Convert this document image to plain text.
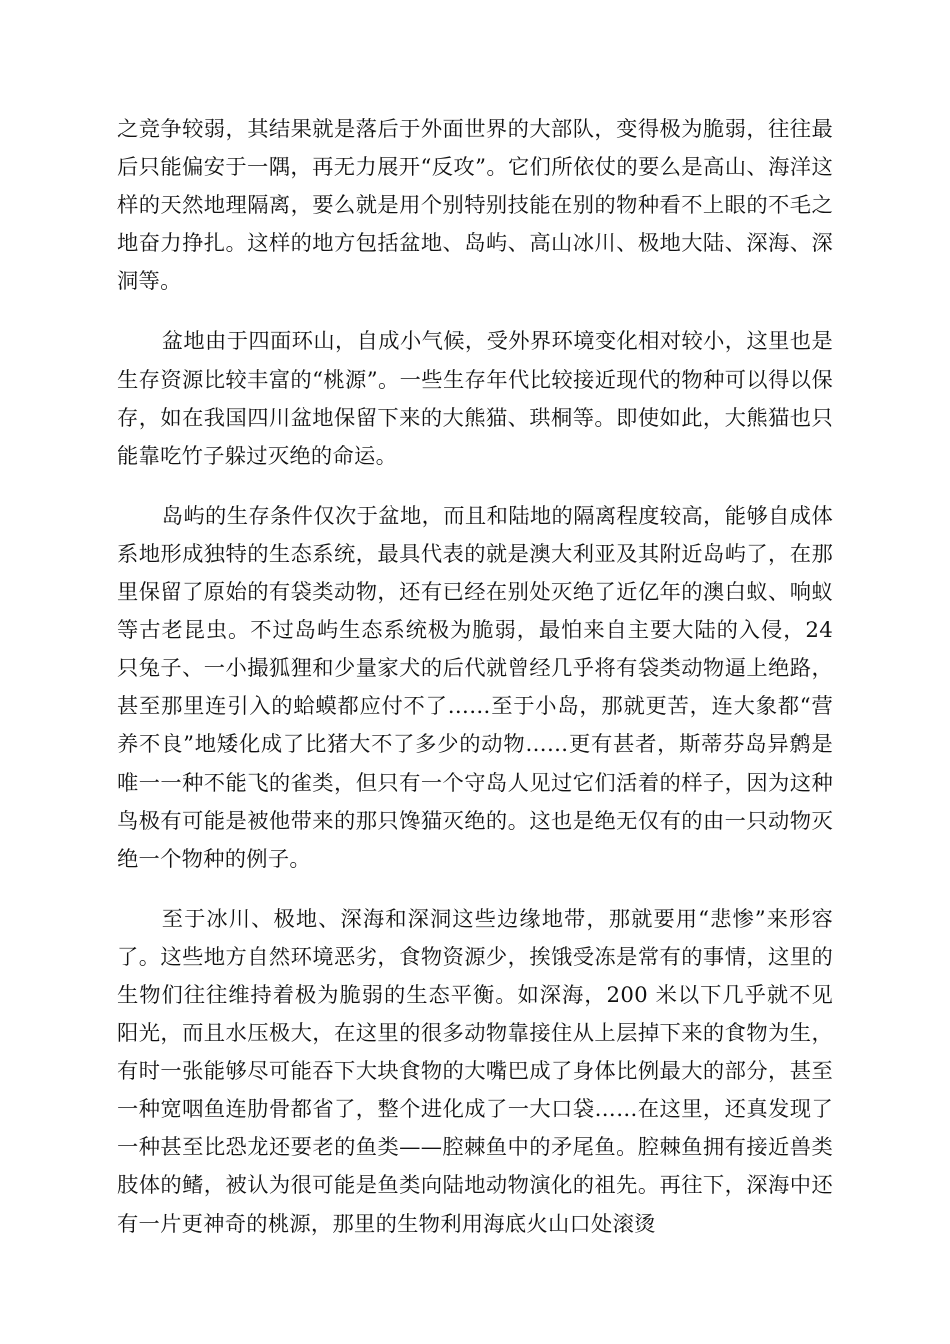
之竞争较弱，其结果就是落后于外面世界的大部队，变得极为脆弱，往往最后只能偏安于一隅，再无力展开“反攻”。它们所依仗的要么是高山、海洋这样的天然地理隔离，要么就是用个别特别技能在别的物种看不上眼的不毛之地奋力挣扎。这样的地方包括盆地、岛屿、高山冰川、极地大陆、深海、深洞等。

盆地由于四面环山，自成小气候，受外界环境变化相对较小，这里也是生存资源比较丰富的“桃源”。一些生存年代比较接近现代的物种可以得以保存，如在我国四川盆地保留下来的大熊猫、珙桐等。即使如此，大熊猫也只能靠吃竹子躲过灭绝的命运。

岛屿的生存条件仅次于盆地，而且和陆地的隔离程度较高，能够自成体系地形成独特的生态系统，最具代表的就是澳大利亚及其附近岛屿了，在那里保留了原始的有袋类动物，还有已经在别处灭绝了近亿年的澳白蚁、响蚁等古老昆虫。不过岛屿生态系统极为脆弱，最怕来自主要大陆的入侵，24 只兔子、一小撮狐狸和少量家犬的后代就曾经几乎将有袋类动物逼上绝路，甚至那里连引入的蛤蟆都应付不了……至于小岛，那就更苦，连大象都“营养不良”地矮化成了比猪大不了多少的动物……更有甚者，斯蒂芬岛异鹩是唯一一种不能飞的雀类，但只有一个守岛人见过它们活着的样子，因为这种鸟极有可能是被他带来的那只馋猫灭绝的。这也是绝无仅有的由一只动物灭绝一个物种的例子。

至于冰川、极地、深海和深洞这些边缘地带，那就要用“悲惨”来形容了。这些地方自然环境恶劣，食物资源少，挨饿受冻是常有的事情，这里的生物们往往维持着极为脆弱的生态平衡。如深海，200 米以下几乎就不见阳光，而且水压极大，在这里的很多动物靠接住从上层掉下来的食物为生，有时一张能够尽可能吞下大块食物的大嘴巴成了身体比例最大的部分，甚至一种宽咽鱼连肋骨都省了，整个进化成了一大口袋……在这里，还真发现了一种甚至比恐龙还要老的鱼类——腔棘鱼中的矛尾鱼。腔棘鱼拥有接近兽类肢体的鳍，被认为很可能是鱼类向陆地动物演化的祖先。再往下，深海中还有一片更神奇的桃源，那里的生物利用海底火山口处滚烫
